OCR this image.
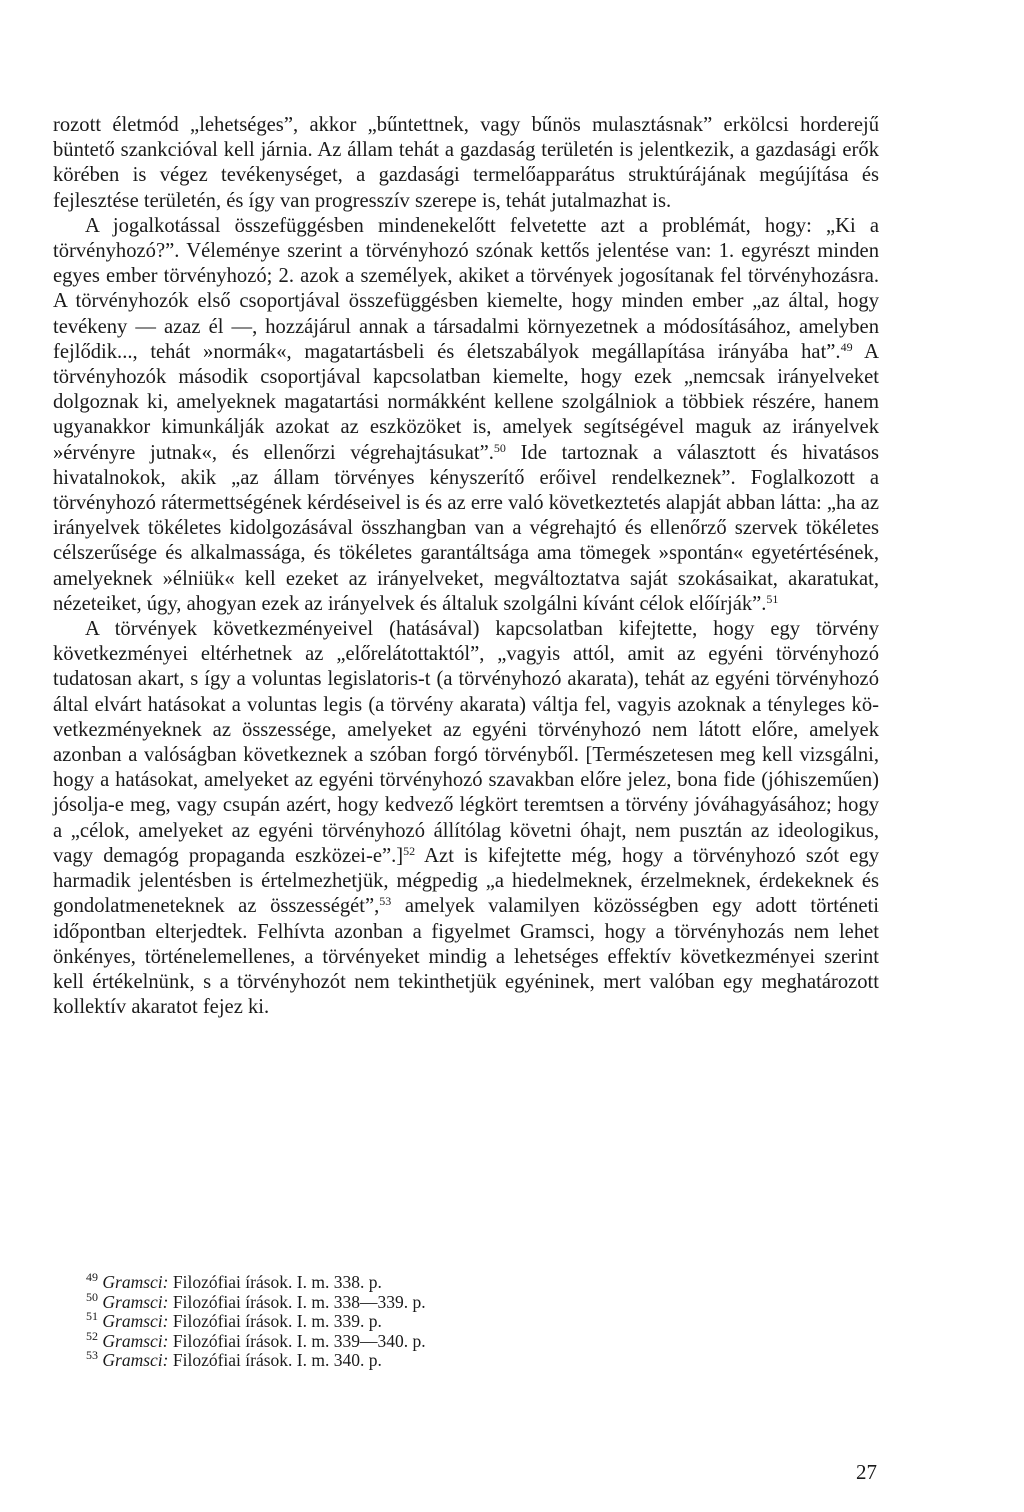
rozott életmód „lehetséges”, akkor „bűntettnek, vagy bűnös mulasztásnak” erkölcsi horderejű büntető szankcióval kell járnia. Az állam tehát a gazdaság területén is jelentkezik, a gazdasági erők körében is végez tevékenységet, a gazdasági termelőapparátus struktúrájának megújítása és fejlesztése területén, és így van progresszív szerepe is, tehát jutalmazhat is.

A jogalkotással összefüggésben mindenekelőtt felvetette azt a problémát, hogy: „Ki a törvényhozó?”. Véleménye szerint a törvényhozó szónak kettős jelentése van: 1. egyrészt minden egyes ember törvényhozó; 2. azok a személyek, akiket a törvények jogosítanak fel törvényhozásra. A törvényhozók első csoportjával összefüggésben kiemelte, hogy minden ember „az által, hogy tevékeny — azaz él —, hozzájárul annak a társadalmi környezetnek a módosításához, amelyben fejlődik..., tehát »normák«, magatartásbeli és életszabályok megállapítása irányába hat”.$^{49}$ A törvényhozók második csoportjával kapcsolatban kiemelte, hogy ezek „nemcsak irányelveket dolgoznak ki, amelyeknek magatartási normákként kellene szolgálniok a többiek részére, hanem ugyanakkor kimunkálják azokat az eszközöket is, amelyek segítségével maguk az irányelvek »érvényre jutnak«, és ellenőrzi végrehajtásukat”.$^{50}$ Ide tartoznak a választott és hivatásos hivatalnokok, akik „az állam törvényes kényszerítő erőivel rendelkeznek”. Foglalkozott a törvényhozó rátermettségének kérdéseivel is és az erre való következtetés alapját abban látta: „ha az irányelvek tökéletes kidolgozásával összhangban van a végrehajtó és ellenőrző szervek tökéletes célszerűsége és alkalmassága, és tökéletes garantáltsága ama tömegek »spontán« egyetértésének, amelyeknek »élniük« kell ezeket az irányelveket, megváltoztatva saját szokásaikat, akaratukat, nézeteiket, úgy, ahogyan ezek az irányelvek és általuk szolgálni kívánt célok előírják”.$^{51}$

A törvények következményeivel (hatásával) kapcsolatban kifejtette, hogy egy törvény következményei eltérhetnek az „előrelátottaktól”, „vagyis attól, amit az egyéni törvényhozó tudatosan akart, s így a voluntas legislatoris-t (a törvényhozó akarata), tehát az egyéni törvényhozó által elvárt hatásokat a voluntas legis (a törvény akarata) váltja fel, vagyis azoknak a tényleges következményeknek az összessége, amelyeket az egyéni törvényhozó nem látott előre, amelyek azonban a valóságban következnek a szóban forgó törvényből. [Természetesen meg kell vizsgálni, hogy a hatásokat, amelyeket az egyéni törvényhozó szavakban előre jelez, bona fide (jóhiszeműen) jósolja-e meg, vagy csupán azért, hogy kedvező légkört teremtsen a törvény jóváhagyásához; hogy a „célok, amelyeket az egyéni törvényhozó állítólag követni óhajt, nem pusztán az ideologikus, vagy demagóg propaganda eszközei-e”.]$^{52}$ Azt is kifejtette még, hogy a törvényhozó szót egy harmadik jelentésben is értelmezhetjük, mégpedig „a hiedelmeknek, érzelmeknek, érdekeknek és gondolatmeneteknek az összességét”,$^{53}$ amelyek valamilyen közösségben egy adott történeti időpontban elterjedtek. Felhívta azonban a figyelmet Gramsci, hogy a törvényhozás nem lehet önkényes, történelemellenes, a törvényeket mindig a lehetséges effektív következményei szerint kell értékelnünk, s a törvényhozót nem tekinthetjük egyéninek, mert valóban egy meghatározott kollektív akaratot fejez ki.

$^{49}$ Gramsci: Filozófiai írások. I. m. 338. p.
$^{50}$ Gramsci: Filozófiai írások. I. m. 338—339. p.
$^{51}$ Gramsci: Filozófiai írások. I. m. 339. p.
$^{52}$ Gramsci: Filozófiai írások. I. m. 339—340. p.
$^{53}$ Gramsci: Filozófiai írások. I. m. 340. p.
27
